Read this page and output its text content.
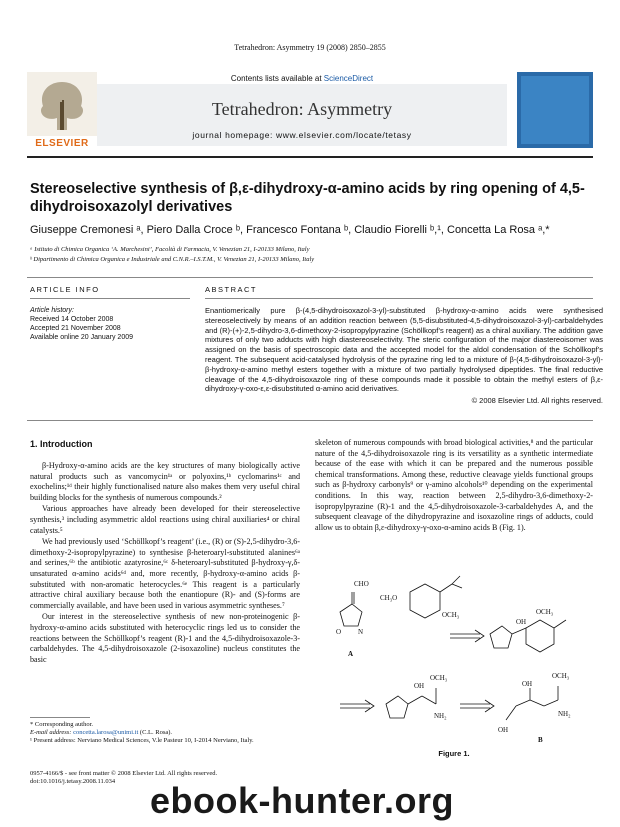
Tetrahedron: Asymmetry 19 (2008) 2850–2855
ELSEVIER
Contents lists available at ScienceDirect
Tetrahedron: Asymmetry
journal homepage: www.elsevier.com/locate/tetasy
Stereoselective synthesis of β,ε-dihydroxy-α-amino acids by ring opening of 4,5-dihydroisoxazolyl derivatives
Giuseppe Cremonesi ᵃ, Piero Dalla Croce ᵇ, Francesco Fontana ᵇ, Claudio Fiorelli ᵇ,¹, Concetta La Rosa ᵃ,*
ᵃ Istituto di Chimica Organica ‘A. Marchesini’, Facoltà di Farmacia, V. Venezian 21, I-20133 Milano, Italy
ᵇ Dipartimento di Chimica Organica e Industriale and C.N.R.–I.S.T.M., V. Venezian 21, I-20133 Milano, Italy
ARTICLE INFO	ABSTRACT
Article history:
Received 14 October 2008
Accepted 21 November 2008
Available online 20 January 2009
Enantiomerically pure β-(4,5-dihydroisoxazol-3-yl)-substituted β-hydroxy-α-amino acids were synthesised stereoselectively by means of an addition reaction between (5,5-disubstituted-4,5-dihydroisoxazol-3-yl)-carbaldehydes and (R)-(+)-2,5-dihydro-3,6-dimethoxy-2-isopropylpyrazine (Schöllkopf’s reagent) as a chiral auxiliary. The addition gave mixtures of only two adducts with high diastereoselectivity. The steric configuration of the major diastereoisomer was assigned on the basis of spectroscopic data and the accepted model for the aldol condensation of the Schöllkopf’s reagent. The subsequent acid-catalysed hydrolysis of the pyrazine ring led to a mixture of β-(4,5-dihydroisoxazol-3-yl)-β-hydroxy-α-amino methyl esters together with a mixture of two partially hydrolysed dipeptides. The final reductive cleavage of the 4,5-dihydroisoxazole ring of these compounds made it possible to obtain the methyl esters of β,ε-dihydroxy-γ-oxo-ε,ε-disubstituted α-amino acid derivatives.
© 2008 Elsevier Ltd. All rights reserved.
1. Introduction

β-Hydroxy-α-amino acids are the key structures of many biologically active natural products such as vancomycin¹ᵃ or polyoxins,¹ᵇ cyclomarins¹ᶜ and exochelins;¹ᵈ their highly functionalised nature also makes them very useful chiral building blocks for the synthesis of numerous compounds.²

Various approaches have already been developed for their stereoselective synthesis,³ including asymmetric aldol reactions using chiral auxiliaries⁴ or chiral catalysts.⁵

We had previously used ‘Schöllkopf’s reagent’ (i.e., (R) or (S)-2,5-dihydro-3,6-dimethoxy-2-isopropylpyrazine) to synthesise β-heteroaryl-substituted alanines⁶ᵃ and serines,⁶ᵇ the antibiotic azatyrosine,⁶ᶜ δ-heteroaryl-substituted β-hydroxy-γ,δ-unsaturated α-amino acids⁶ᵈ and, more recently, β-hydroxy-α-amino acids β-substituted with non-aromatic heterocycles.⁶ᵉ This reagent is a particularly attractive chiral auxiliary because both the enantiopure (R)- and (S)-forms are commercially available, and have been used in various asymmetric syntheses.⁷

Our interest in the stereoselective synthesis of new non-proteinogenic β-hydroxy-α-amino acids substituted with heterocyclic rings led us to consider the reactions between the Schöllkopf’s reagent (R)-1 and the 4,5-dihydroisoxazole-3-carbaldehydes. The 4,5-dihydroisoxazole (2-isoxazoline) nucleus constitutes the basic

skeleton of numerous compounds with broad biological activities,⁸ and the particular nature of the 4,5-dihydroisoxazole ring is its versatility as a synthetic intermediate because of the ease with which it can be prepared and the numerous possible chemical transformations. Among these, reductive cleavage yields functional groups such as β-hydroxy carbonyls⁹ or γ-amino alcohols¹⁰ depending on the experimental conditions. In this way, reaction between 2,5-dihydro-3,6-dimethoxy-2-isopropylpyrazine (R)-1 and the 4,5-dihydroisoxazole-3-carbaldehydes A, and the subsequent cleavage of the dihydropyrazine and isoxazoline rings of adducts, could allow us to obtain β,ε-dihydroxy-γ-oxo-α-amino acids B (Fig. 1).

CHO
O N
A
CH₃O
OCH₃
OH
OCH₃
OH
OCH₃
NH₂
OH
OCH₃
NH₂
OH
B
Figure 1.
* Corresponding author.
E-mail address: concetta.larosa@unimi.it (C.L. Rosa).
¹ Present address: Nerviano Medical Sciences, V.le Pasteur 10, I-2014 Nerviano, Italy.
0957-4166/$ - see front matter © 2008 Elsevier Ltd. All rights reserved.
doi:10.1016/j.tetasy.2008.11.034 ebook-hunter.org
